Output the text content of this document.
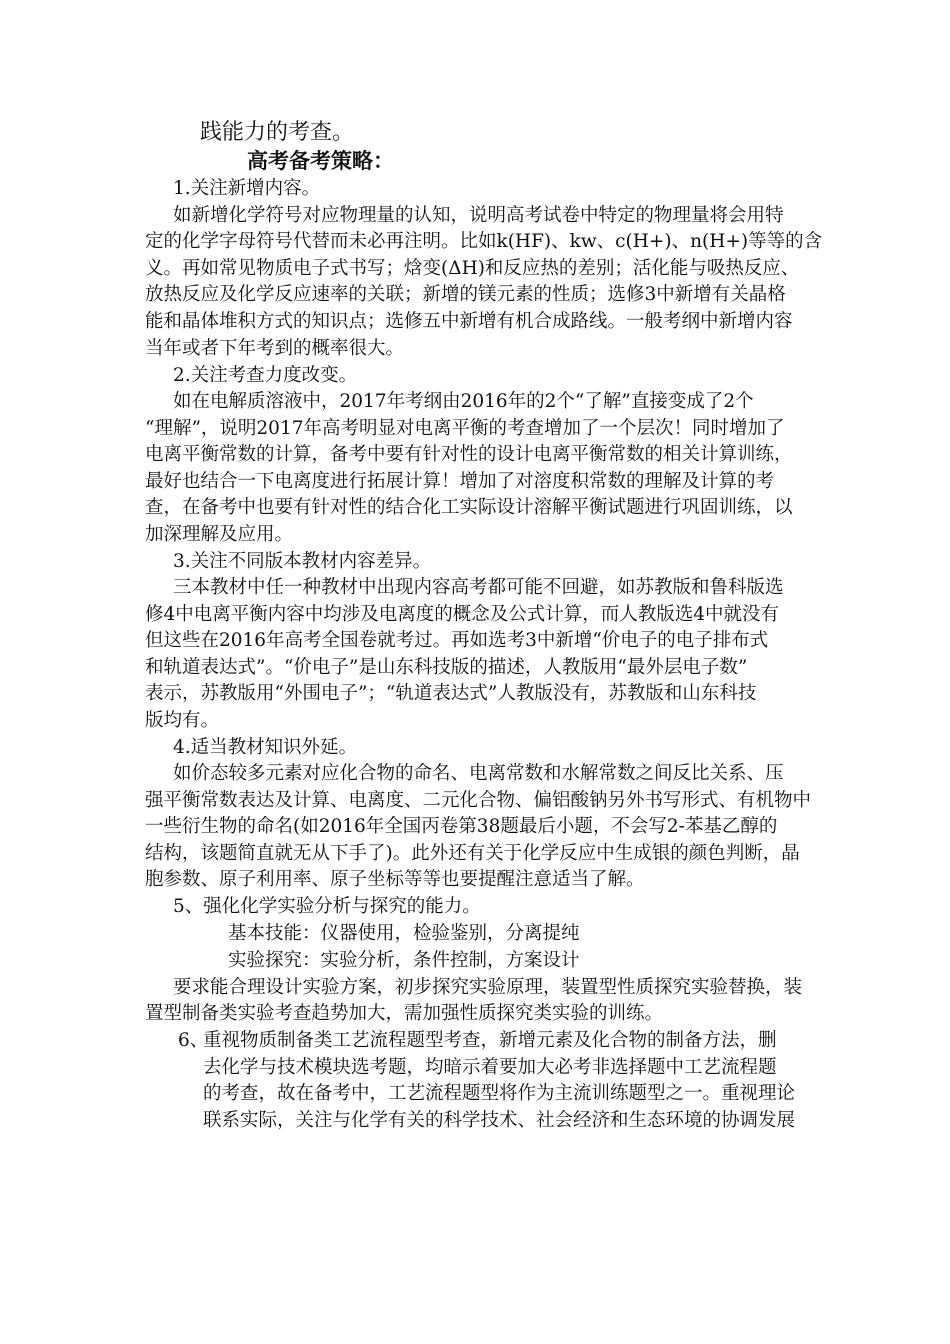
践能力的考查。
高考备考策略：
1.关注新增内容。
如新增化学符号对应物理量的认知，说明高考试卷中特定的物理量将会用特
定的化学字母符号代替而未必再注明。比如k(HF)、kw、c(H+)、n(H+)等等的含
义。再如常见物质电子式书写；焓变(ΔH)和反应热的差别；活化能与吸热反应、
放热反应及化学反应速率的关联；新增的镁元素的性质；选修3中新增有关晶格
能和晶体堆积方式的知识点；选修五中新增有机合成路线。一般考纲中新增内容
当年或者下年考到的概率很大。
2.关注考查力度改变。
如在电解质溶液中，2017年考纲由2016年的2个“了解”直接变成了2个
“理解”，说明2017年高考明显对电离平衡的考查增加了一个层次！同时增加了
电离平衡常数的计算，备考中要有针对性的设计电离平衡常数的相关计算训练，
最好也结合一下电离度进行拓展计算！增加了对溶度积常数的理解及计算的考
查，在备考中也要有针对性的结合化工实际设计溶解平衡试题进行巩固训练，以
加深理解及应用。
3.关注不同版本教材内容差异。
三本教材中任一种教材中出现内容高考都可能不回避，如苏教版和鲁科版选
修4中电离平衡内容中均涉及电离度的概念及公式计算，而人教版选4中就没有
但这些在2016年高考全国卷就考过。再如选考3中新增“价电子的电子排布式
和轨道表达式”。“价电子”是山东科技版的描述，人教版用“最外层电子数”
表示，苏教版用“外围电子”；“轨道表达式”人教版没有，苏教版和山东科技
版均有。
4.适当教材知识外延。
如价态较多元素对应化合物的命名、电离常数和水解常数之间反比关系、压
强平衡常数表达及计算、电离度、二元化合物、偏铝酸钠另外书写形式、有机物中
一些衍生物的命名(如2016年全国丙卷第38题最后小题，不会写2-苯基乙醇的
结构，该题简直就无从下手了)。此外还有关于化学反应中生成银的颜色判断，晶
胞参数、原子利用率、原子坐标等等也要提醒注意适当了解。
5、强化化学实验分析与探究的能力。
基本技能：仪器使用，检验鉴别，分离提纯
实验探究：实验分析，条件控制，方案设计
要求能合理设计实验方案，初步探究实验原理，装置型性质探究实验替换，装
置型制备类实验考查趋势加大，需加强性质探究类实验的训练。
6、
重视物质制备类工艺流程题型考查，新增元素及化合物的制备方法，删
去化学与技术模块选考题，均暗示着要加大必考非选择题中工艺流程题
的考查，故在备考中，工艺流程题型将作为主流训练题型之一。重视理论
联系实际，关注与化学有关的科学技术、社会经济和生态环境的协调发展
